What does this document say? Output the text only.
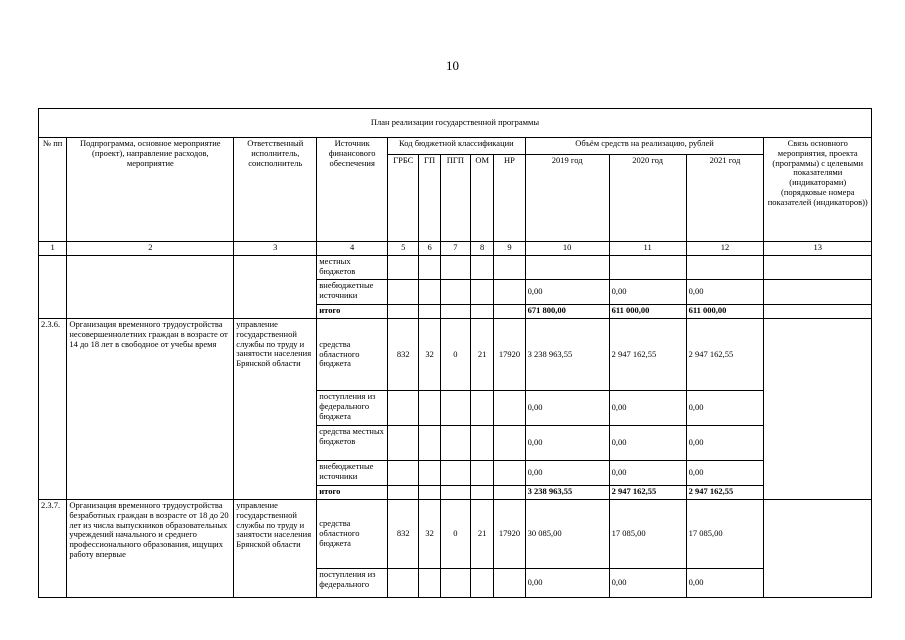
10
План реализации государственной программы												
№ пп	Подпрограмма, основное мероприятие (проект), направление расходов, мероприятие	Ответственный исполнитель, соисполнитель	Источник финансового обеспечения	Код бюджетной классификации					Объём средств на реализацию, рублей			Связь основного мероприятия, проекта (программы) с целевыми показателями (индикаторами) (порядковые номера показателей (индикаторов))
				ГРБС	ГП	ПГП	ОМ	НР	2019 год	2020 год	2021 год	
1	2	3	4	5	6	7	8	9	10	11	12	13
			местных бюджетов									
			внебюджетные источники						0,00	0,00	0,00	
			итого						671 800,00	611 000,00	611 000,00	
2.3.6.	Организация временного трудоустройства несовершеннолетних граждан в возрасте от 14 до 18 лет в свободное от учебы время	управление государственной службы по труду и занятости населения Брянской области	средства областного бюджета	832	32	0	21	17920	3 238 963,55	2 947 162,55	2 947 162,55	
			поступления из федерального бюджета						0,00	0,00	0,00	
			средства местных бюджетов						0,00	0,00	0,00	
			внебюджетные источники						0,00	0,00	0,00	
			итого						3 238 963,55	2 947 162,55	2 947 162,55	
2.3.7.	Организация временного трудоустройства безработных граждан в возрасте от 18 до 20 лет из числа выпускников образовательных учреждений начального и среднего профессионального образования, ищущих работу впервые	управление государственной службы по труду и занятости населения Брянской области	средства областного бюджета	832	32	0	21	17920	30 085,00	17 085,00	17 085,00	
			поступления из федерального						0,00	0,00	0,00	
